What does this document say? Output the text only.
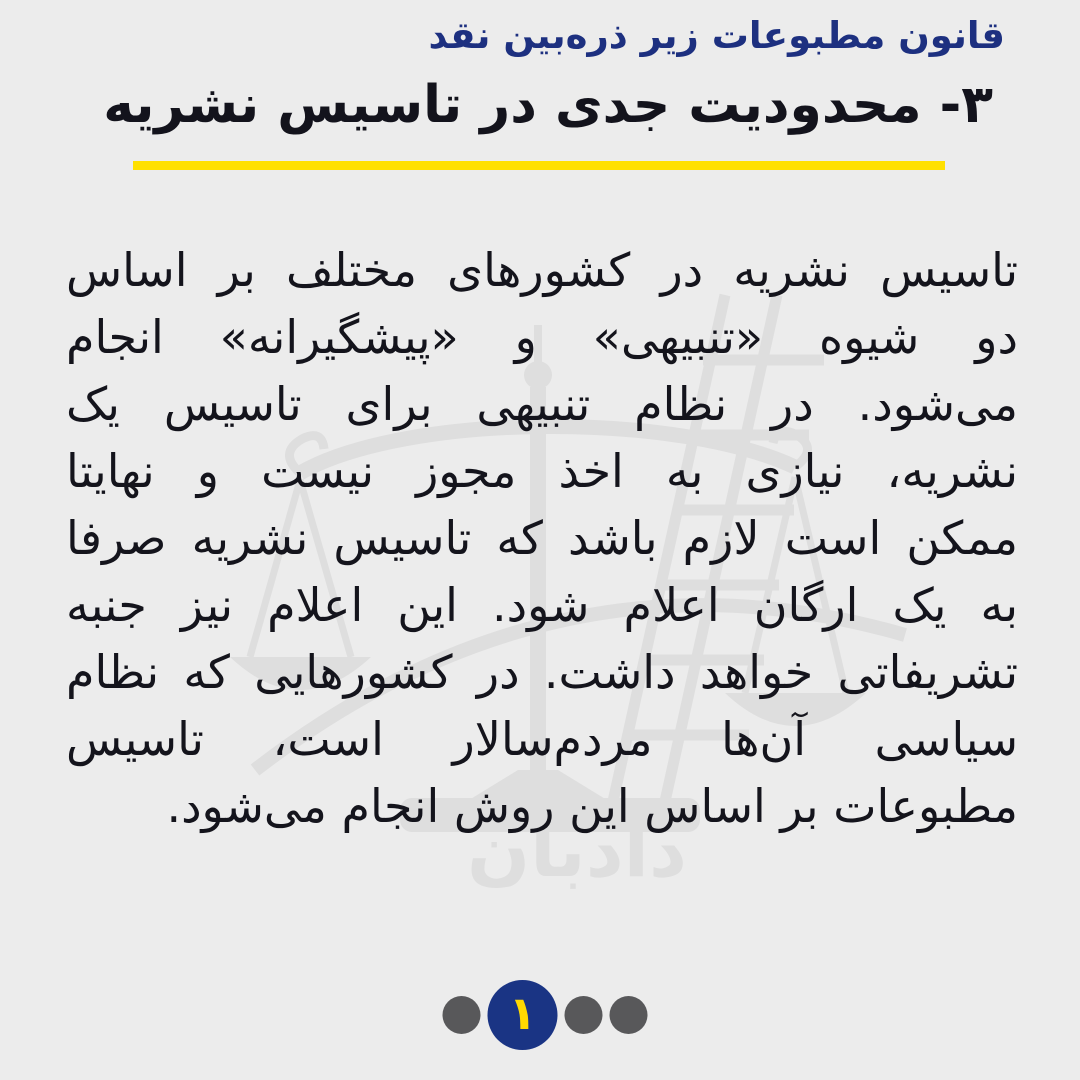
دادبان
قانون مطبوعات زیر ذره‌بین نقد
۳- محدودیت جدی در تاسیس نشریه
تاسیس نشریه در کشورهای مختلف بر اساس
دو شیوه «تنبیهی» و «پیشگیرانه» انجام
می‌شود. در نظام تنبیهی برای تاسیس یک
نشریه، نیازی به اخذ مجوز نیست و نهایتا
ممکن است لازم باشد که تاسیس نشریه صرفا
به یک ارگان اعلام شود. این اعلام نیز جنبه
تشریفاتی خواهد داشت. در کشورهایی که نظام
سیاسی آن‌ها مردم‌سالار است، تاسیس
مطبوعات بر اساس این روش انجام می‌شود.
۱
